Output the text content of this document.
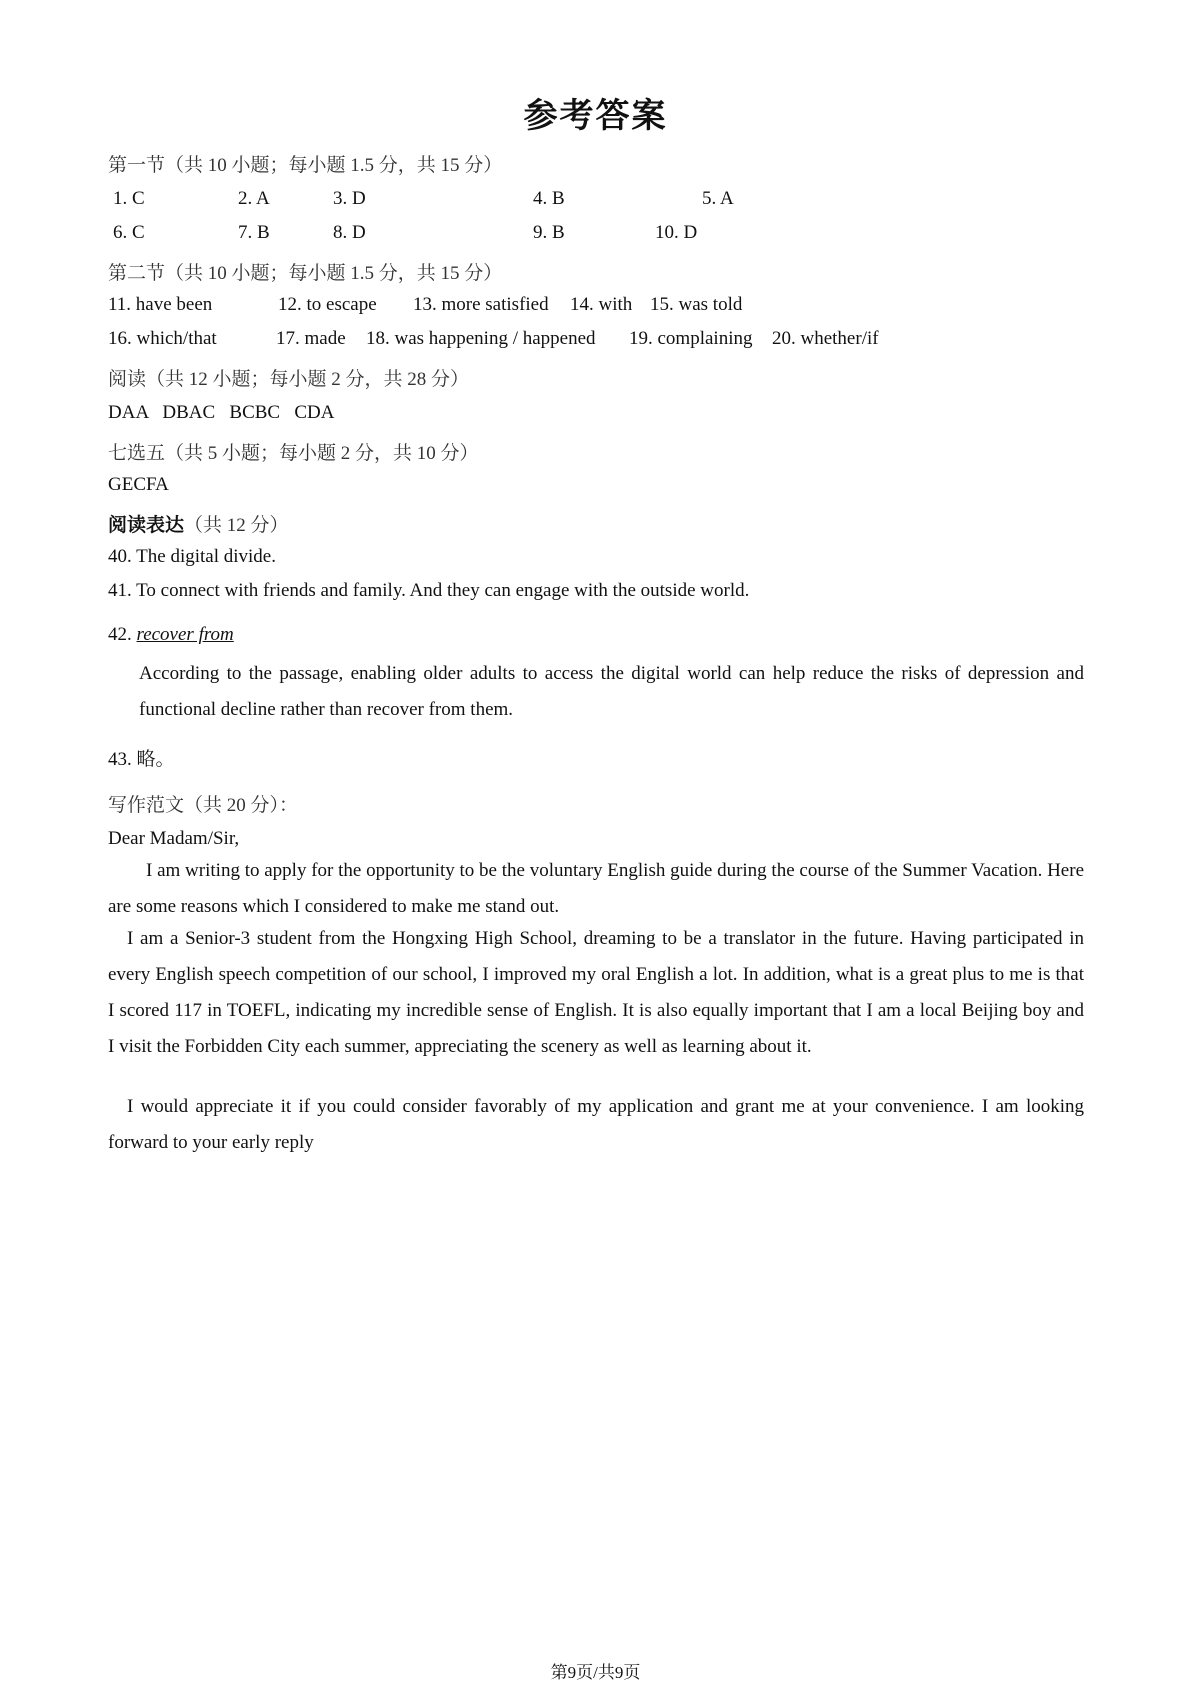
参考答案
第一节（共 10 小题；每小题 1.5 分，共 15 分）
1. C	2. A	3. D	4. B	5. A
6. C	7. B	8. D	9. B	10. D
第二节（共 10 小题；每小题 1.5 分，共 15 分）
11. have been	12. to escape 13. more satisfied 14. with 15. was told
16. which/that	17. made 18. was happening / happened 19. complaining 20. whether/if
阅读（共 12 小题；每小题 2 分，共 28 分）
DAA   DBAC   BCBC   CDA
七选五（共 5 小题；每小题 2 分，共 10 分）
GECFA
阅读表达（共 12 分）
40. The digital divide.
41. To connect with friends and family. And they can engage with the outside world.
42. recover from
According to the passage, enabling older adults to access the digital world can help reduce the risks of depression and functional decline rather than recover from them.
43. 略。
写作范文（共 20 分）：
Dear Madam/Sir,
I am writing to apply for the opportunity to be the voluntary English guide during the course of the Summer Vacation. Here are some reasons which I considered to make me stand out.
I am a Senior-3 student from the Hongxing High School, dreaming to be a translator in the future. Having participated in every English speech competition of our school, I improved my oral English a lot. In addition, what is a great plus to me is that I scored 117 in TOEFL, indicating my incredible sense of English. It is also equally important that I am a local Beijing boy and I visit the Forbidden City each summer, appreciating the scenery as well as learning about it.
I would appreciate it if you could consider favorably of my application and grant me at your convenience. I am looking forward to your early reply
第9页/共9页
